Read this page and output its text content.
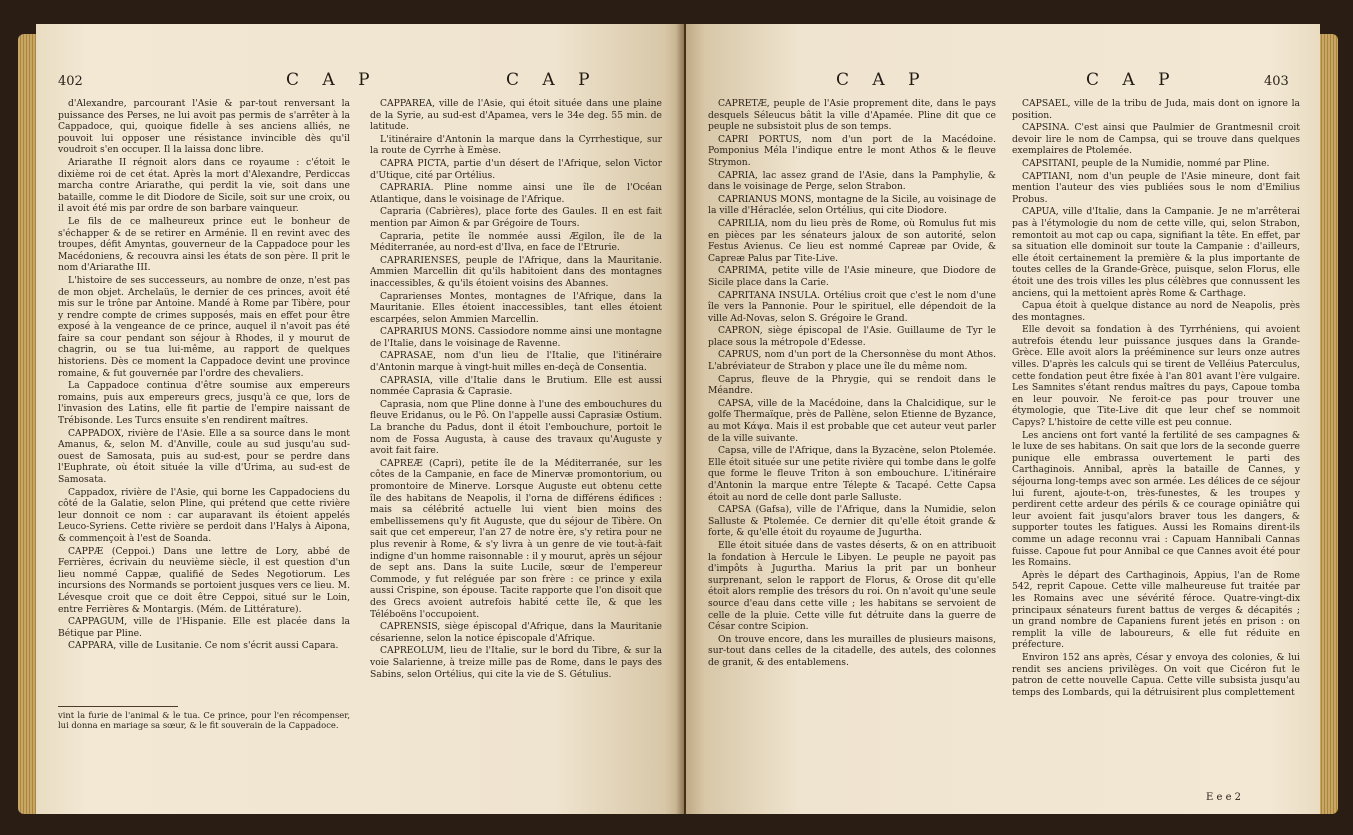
402	C A P	C A P

d'Alexandre, parcourant l'Asie & par-tout renversant la puissance des Perses, ne lui avoit pas permis de s'arrêter à la Cappadoce, qui, quoique fidelle à ses anciens alliés, ne pouvoit lui opposer une résistance invincible dès qu'il voudroit s'en occuper. Il la laissa donc libre.

Ariarathe II régnoit alors dans ce royaume : c'étoit le dixième roi de cet état. Après la mort d'Alexandre, Perdiccas marcha contre Ariarathe, qui perdit la vie, soit dans une bataille, comme le dit Diodore de Sicile, soit sur une croix, ou il avoit été mis par ordre de son barbare vainqueur.

Le fils de ce malheureux prince eut le bonheur de s'échapper & de se retirer en Arménie. Il en revint avec des troupes, défit Amyntas, gouverneur de la Cappadoce pour les Macédoniens, & recouvra ainsi les états de son père. Il prit le nom d'Ariarathe III.

L'histoire de ses successeurs, au nombre de onze, n'est pas de mon objet. Archelaüs, le dernier de ces princes, avoit été mis sur le trône par Antoine. Mandé à Rome par Tibère, pour y rendre compte de crimes supposés, mais en effet pour être exposé à la vengeance de ce prince, auquel il n'avoit pas été faire sa cour pendant son séjour à Rhodes, il y mourut de chagrin, ou se tua lui-même, au rapport de quelques historiens. Dès ce moment la Cappadoce devint une province romaine, & fut gouvernée par l'ordre des chevaliers.

La Cappadoce continua d'être soumise aux empereurs romains, puis aux empereurs grecs, jusqu'à ce que, lors de l'invasion des Latins, elle fit partie de l'empire naissant de Trébisonde. Les Turcs ensuite s'en rendirent maîtres.

CAPPADOX, rivière de l'Asie. Elle a sa source dans le mont Amanus, &, selon M. d'Anville, coule au sud jusqu'au sud-ouest de Samosata, puis au sud-est, pour se perdre dans l'Euphrate, où étoit située la ville d'Urima, au sud-est de Samosata.

Cappadox, rivière de l'Asie, qui borne les Cappadociens du côté de la Galatie, selon Pline, qui prétend que cette rivière leur donnoit ce nom : car auparavant ils étoient appelés Leuco-Syriens. Cette rivière se perdoit dans l'Halys à Aipona, & commençoit à l'est de Soanda.

CAPPÆ (Ceppoi.) Dans une lettre de Lory, abbé de Ferrières, écrivain du neuvième siècle, il est question d'un lieu nommé Cappæ, qualifié de Sedes Negotiorum. Les incursions des Normands se portoient jusques vers ce lieu. M. Lévesque croit que ce doit être Ceppoi, situé sur le Loin, entre Ferrières & Montargis. (Mém. de Littérature).

CAPPAGUM, ville de l'Hispanie. Elle est placée dans la Bétique par Pline.

CAPPARA, ville de Lusitanie. Ce nom s'écrit aussi Capara.

vint la furie de l'animal & le tua. Ce prince, pour l'en récompenser, lui donna en mariage sa sœur, & le fit souverain de la Cappadoce.

CAPPAREA, ville de l'Asie, qui étoit située dans une plaine de la Syrie, au sud-est d'Apamea, vers le 34e deg. 55 min. de latitude.

L'itinéraire d'Antonin la marque dans la Cyrrhestique, sur la route de Cyrrhe à Emèse.

CAPRA PICTA, partie d'un désert de l'Afrique, selon Victor d'Utique, cité par Ortélius.

CAPRARIA. Pline nomme ainsi une île de l'Océan Atlantique, dans le voisinage de l'Afrique.

Capraria (Cabrières), place forte des Gaules. Il en est fait mention par Aimon & par Grégoire de Tours.

Capraria, petite île nommée aussi Ægilon, île de la Méditerranée, au nord-est d'Ilva, en face de l'Etrurie.

CAPRARIENSES, peuple de l'Afrique, dans la Mauritanie. Ammien Marcellin dit qu'ils habitoient dans des montagnes inaccessibles, & qu'ils étoient voisins des Abannes.

Caprarienses Montes, montagnes de l'Afrique, dans la Mauritanie. Elles étoient inaccessibles, tant elles étoient escarpées, selon Ammien Marcellin.

CAPRARIUS MONS. Cassiodore nomme ainsi une montagne de l'Italie, dans le voisinage de Ravenne.

CAPRASAE, nom d'un lieu de l'Italie, que l'itinéraire d'Antonin marque à vingt-huit milles en-deçà de Consentia.

CAPRASIA, ville d'Italie dans le Brutium. Elle est aussi nommée Caprasia & Caprasie.

Caprasia, nom que Pline donne à l'une des embouchures du fleuve Eridanus, ou le Pô. On l'appelle aussi Caprasiæ Ostium. La branche du Padus, dont il étoit l'embouchure, portoit le nom de Fossa Augusta, à cause des travaux qu'Auguste y avoit fait faire.

CAPREÆ (Capri), petite île de la Méditerranée, sur les côtes de la Campanie, en face de Minervæ promontorium, ou promontoire de Minerve. Lorsque Auguste eut obtenu cette île des habitans de Neapolis, il l'orna de différens édifices : mais sa célébrité actuelle lui vient bien moins des embellissemens qu'y fit Auguste, que du séjour de Tibère. On sait que cet empereur, l'an 27 de notre ère, s'y retira pour ne plus revenir à Rome, & s'y livra à un genre de vie tout-à-fait indigne d'un homme raisonnable : il y mourut, après un séjour de sept ans. Dans la suite Lucile, sœur de l'empereur Commode, y fut reléguée par son frère : ce prince y exila aussi Crispine, son épouse. Tacite rapporte que l'on disoit que des Grecs avoient autrefois habité cette île, & que les Téléboëns l'occupoient.

CAPRENSIS, siège épiscopal d'Afrique, dans la Mauritanie césarienne, selon la notice épiscopale d'Afrique.

CAPREOLUM, lieu de l'Italie, sur le bord du Tibre, & sur la voie Salarienne, à treize mille pas de Rome, dans le pays des Sabins, selon Ortélius, qui cite la vie de S. Gétulius.

C A P	C A P	403

CAPRETÆ, peuple de l'Asie proprement dite, dans le pays desquels Séleucus bâtit la ville d'Apamée. Pline dit que ce peuple ne subsistoit plus de son temps.

CAPRI PORTUS, nom d'un port de la Macédoine. Pomponius Méla l'indique entre le mont Athos & le fleuve Strymon.

CAPRIA, lac assez grand de l'Asie, dans la Pamphylie, & dans le voisinage de Perge, selon Strabon.

CAPRIANUS MONS, montagne de la Sicile, au voisinage de la ville d'Héraclée, selon Ortélius, qui cite Diodore.

CAPRILIA, nom du lieu près de Rome, où Romulus fut mis en pièces par les sénateurs jaloux de son autorité, selon Festus Avienus. Ce lieu est nommé Capreæ par Ovide, & Capreæ Palus par Tite-Live.

CAPRIMA, petite ville de l'Asie mineure, que Diodore de Sicile place dans la Carie.

CAPRITANA INSULA. Ortélius croit que c'est le nom d'une île vers la Pannonie. Pour le spirituel, elle dépendoit de la ville Ad-Novas, selon S. Grégoire le Grand.

CAPRON, siège épiscopal de l'Asie. Guillaume de Tyr le place sous la métropole d'Edesse.

CAPRUS, nom d'un port de la Chersonnèse du mont Athos. L'abréviateur de Strabon y place une île du même nom.

Caprus, fleuve de la Phrygie, qui se rendoit dans le Méandre.

CAPSA, ville de la Macédoine, dans la Chalcidique, sur le golfe Thermaïque, près de Pallène, selon Etienne de Byzance, au mot Κάψα. Mais il est probable que cet auteur veut parler de la ville suivante.

Capsa, ville de l'Afrique, dans la Byzacène, selon Ptolemée. Elle étoit située sur une petite rivière qui tombe dans le golfe que forme le fleuve Triton à son embouchure. L'itinéraire d'Antonin la marque entre Télepte & Tacapé. Cette Capsa étoit au nord de celle dont parle Salluste.

CAPSA (Gafsa), ville de l'Afrique, dans la Numidie, selon Salluste & Ptolemée. Ce dernier dit qu'elle étoit grande & forte, & qu'elle étoit du royaume de Jugurtha.

Elle étoit située dans de vastes déserts, & on en attribuoit la fondation à Hercule le Libyen. Le peuple ne payoit pas d'impôts à Jugurtha. Marius la prit par un bonheur surprenant, selon le rapport de Florus, & Orose dit qu'elle étoit alors remplie des trésors du roi. On n'avoit qu'une seule source d'eau dans cette ville ; les habitans se servoient de celle de la pluie. Cette ville fut détruite dans la guerre de César contre Scipion.

On trouve encore, dans les murailles de plusieurs maisons, sur-tout dans celles de la citadelle, des autels, des colonnes de granit, & des entablemens.

CAPSAEL, ville de la tribu de Juda, mais dont on ignore la position.

CAPSINA. C'est ainsi que Paulmier de Grantmesnil croit devoir lire le nom de Campsa, qui se trouve dans quelques exemplaires de Ptolemée.

CAPSITANI, peuple de la Numidie, nommé par Pline.

CAPTIANI, nom d'un peuple de l'Asie mineure, dont fait mention l'auteur des vies publiées sous le nom d'Emilius Probus.

CAPUA, ville d'Italie, dans la Campanie. Je ne m'arrêterai pas à l'étymologie du nom de cette ville, qui, selon Strabon, remontoit au mot cap ou capa, signifiant la tête. En effet, par sa situation elle dominoit sur toute la Campanie : d'ailleurs, elle étoit certainement la première & la plus importante de toutes celles de la Grande-Grèce, puisque, selon Florus, elle étoit une des trois villes les plus célèbres que connussent les anciens, qui la mettoient après Rome & Carthage.

Capua étoit à quelque distance au nord de Neapolis, près des montagnes.

Elle devoit sa fondation à des Tyrrhéniens, qui avoient autrefois étendu leur puissance jusques dans la Grande-Grèce. Elle avoit alors la prééminence sur leurs onze autres villes. D'après les calculs qui se tirent de Velléius Paterculus, cette fondation peut être fixée à l'an 801 avant l'ère vulgaire. Les Samnites s'étant rendus maîtres du pays, Capoue tomba en leur pouvoir. Ne feroit-ce pas pour trouver une étymologie, que Tite-Live dit que leur chef se nommoit Capys? L'histoire de cette ville est peu connue.

Les anciens ont fort vanté la fertilité de ses campagnes & le luxe de ses habitans. On sait que lors de la seconde guerre punique elle embrassa ouvertement le parti des Carthaginois. Annibal, après la bataille de Cannes, y séjourna long-temps avec son armée. Les délices de ce séjour lui furent, ajoute-t-on, très-funestes, & les troupes y perdirent cette ardeur des périls & ce courage opiniâtre qui leur avoient fait jusqu'alors braver tous les dangers, & supporter toutes les fatigues. Aussi les Romains dirent-ils comme un adage reconnu vrai : Capuam Hannibali Cannas fuisse. Capoue fut pour Annibal ce que Cannes avoit été pour les Romains.

Après le départ des Carthaginois, Appius, l'an de Rome 542, reprit Capoue. Cette ville malheureuse fut traitée par les Romains avec une sévérité féroce. Quatre-vingt-dix principaux sénateurs furent battus de verges & décapités ; un grand nombre de Capaniens furent jetés en prison : on remplit la ville de laboureurs, & elle fut réduite en préfecture.

Environ 152 ans après, César y envoya des colonies, & lui rendit ses anciens privilèges. On voit que Cicéron fut le patron de cette nouvelle Capua. Cette ville subsista jusqu'au temps des Lombards, qui la détruisirent plus complettement

E e e 2
